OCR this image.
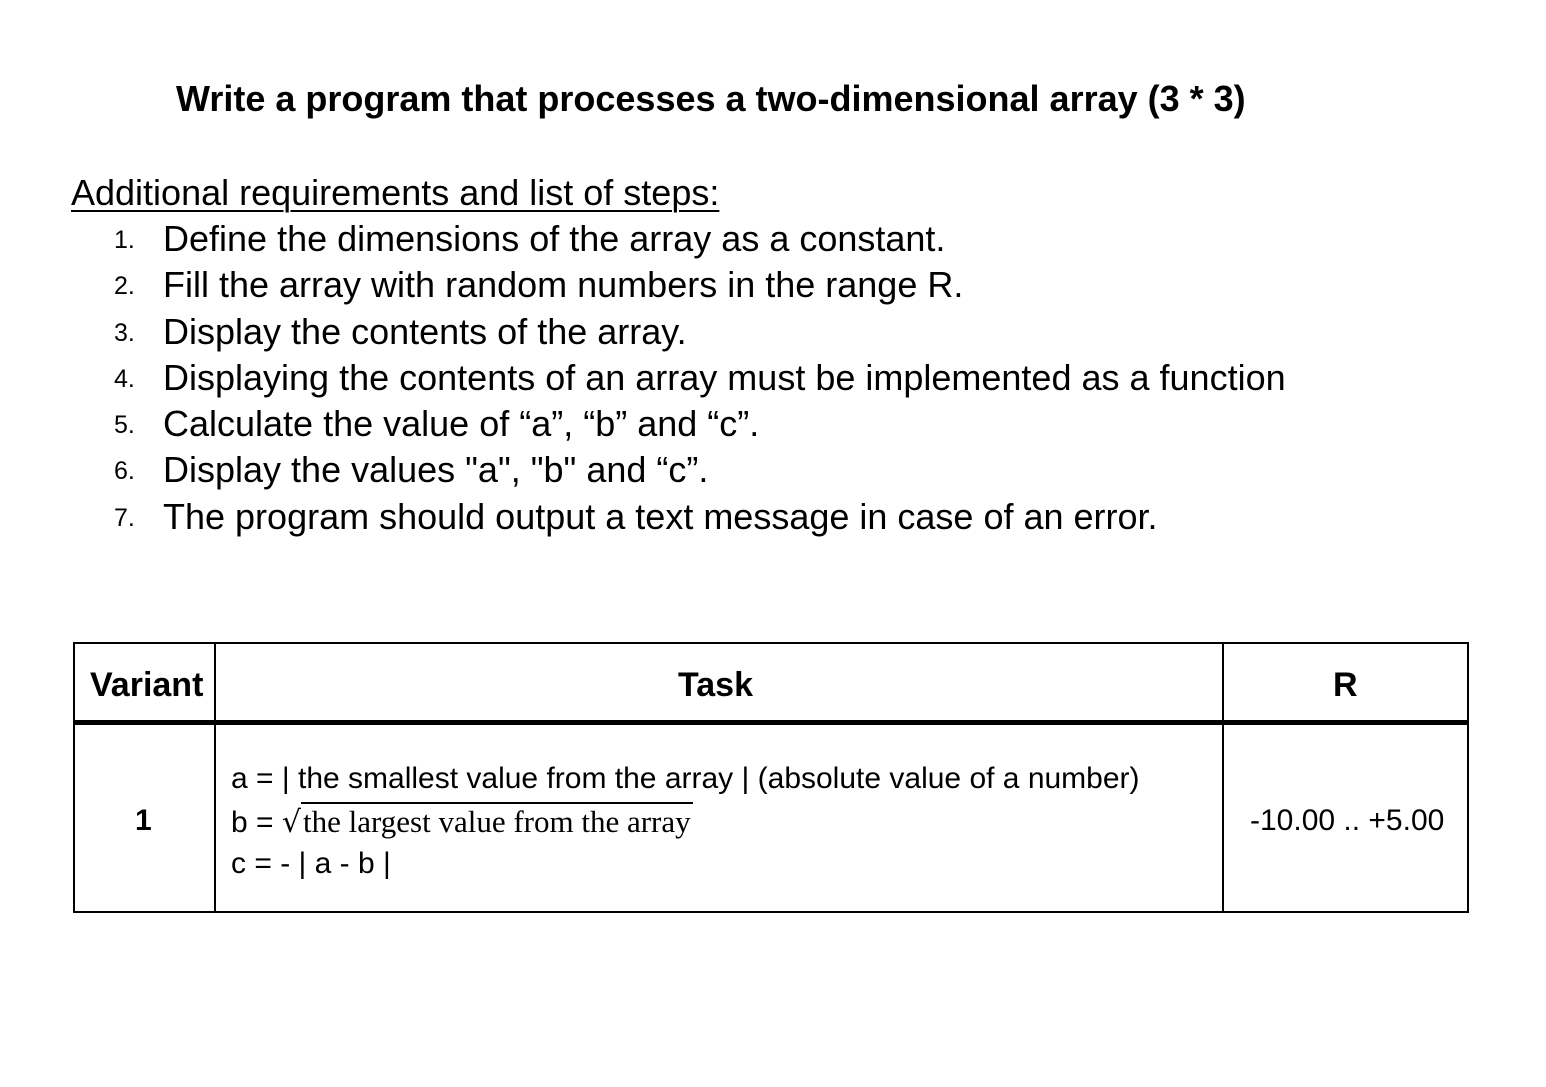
Write a program that processes a two-dimensional array (3 * 3)
Additional requirements and list of steps:
1. Define the dimensions of the array as a constant.
2. Fill the array with random numbers in the range R.
3. Display the contents of the array.
4. Displaying the contents of an array must be implemented as a function
5. Calculate the value of “a”, “b” and “c”.
6. Display the values "a", "b" and “c”.
7. The program should output a text message in case of an error.
Variant	Task	R
1
a = | the smallest value from the array | (absolute value of a number)
b = √the largest value from the array
c = - | a - b |
-10.00 .. +5.00
